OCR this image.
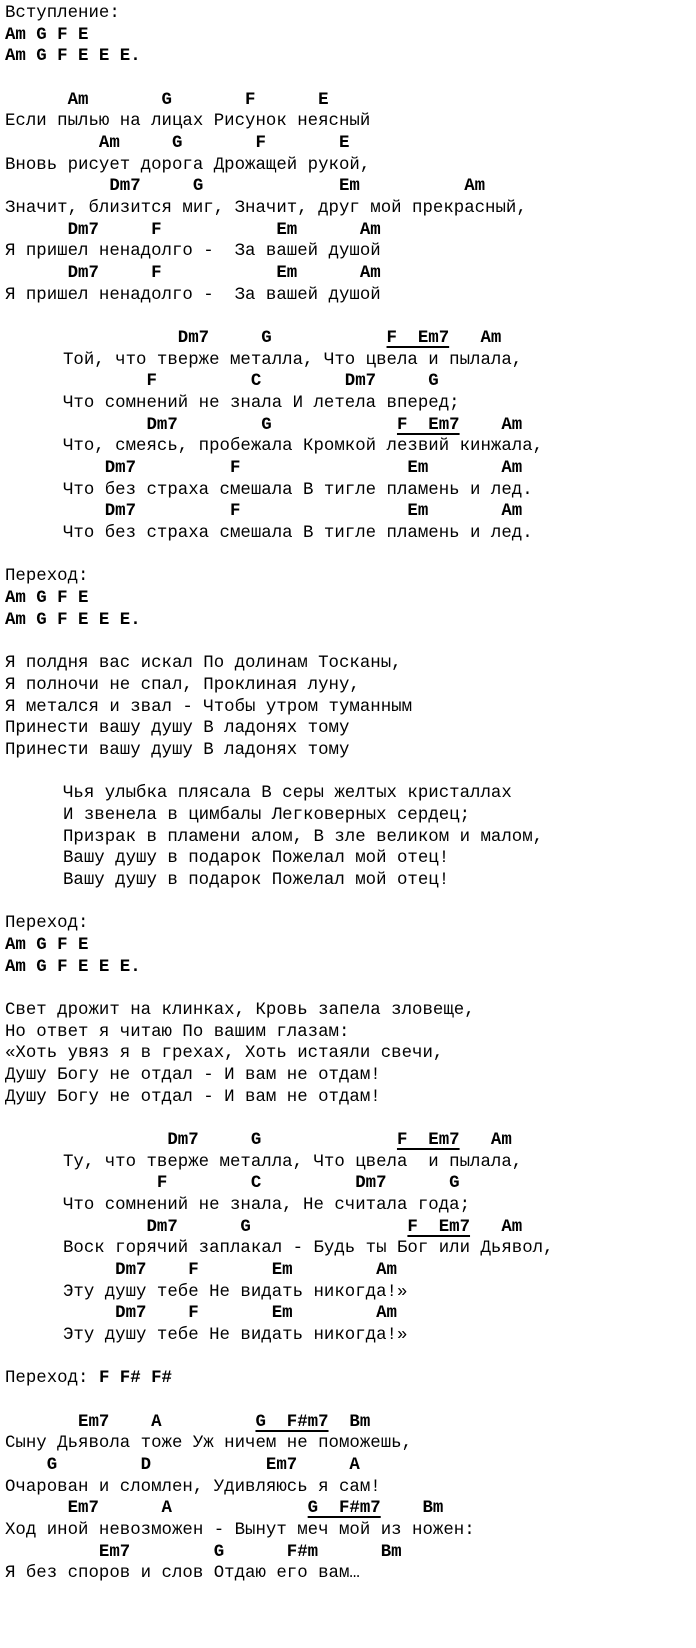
Вступление:
Am G F E
Am G F E E E.
Am       G       F      E
Если пылью на лицах Рисунок неясный
Am     G       F       E
Вновь рисует дорога Дрожащей рукой,
Dm7     G             Em          Am
Значит, близится миг, Значит, друг мой прекрасный,
Dm7     F           Em      Am
Я пришел ненадолго -  За вашей душой
Dm7     F           Em      Am
Я пришел ненадолго -  За вашей душой
Dm7     G           F  Em7   Am
Той, что тверже металла, Что цвела и пылала,
F         C        Dm7     G
Что сомнений не знала И летела вперед;
Dm7        G            F  Em7    Am
Что, смеясь, пробежала Кромкой лезвий кинжала,
Dm7         F                Em       Am
Что без страха смешала В тигле пламень и лед.
Dm7         F                Em       Am
Что без страха смешала В тигле пламень и лед.
Переход:
Am G F E
Am G F E E E.
Я полдня вас искал По долинам Тосканы,
Я полночи не спал, Проклиная луну,
Я метался и звал - Чтобы утром туманным
Принести вашу душу В ладонях тому
Принести вашу душу В ладонях тому
Чья улыбка плясала В серы желтых кристаллах
И звенела в цимбалы Легковерных сердец;
Призрак в пламени алом, В зле великом и малом,
Вашу душу в подарок Пожелал мой отец!
Вашу душу в подарок Пожелал мой отец!
Переход:
Am G F E
Am G F E E E.
Свет дрожит на клинках, Кровь запела зловеще,
Но ответ я читаю По вашим глазам:
«Хоть увяз я в грехах, Хоть истаяли свечи,
Душу Богу не отдал - И вам не отдам!
Душу Богу не отдал - И вам не отдам!
Dm7     G             F  Em7   Am
Ту, что тверже металла, Что цвела  и пылала,
F        C         Dm7      G
Что сомнений не знала, Не считала года;
Dm7      G               F  Em7   Am
Воск горячий заплакал - Будь ты Бог или Дьявол,
Dm7    F       Em        Am
Эту душу тебе Не видать никогда!»
Dm7    F       Em        Am
Эту душу тебе Не видать никогда!»
Переход: F F# F#
Em7    A         G  F#m7  Bm
Сыну Дьявола тоже Уж ничем не поможешь,
G        D           Em7     A
Очарован и сломлен, Удивляюсь я сам!
Em7      A             G  F#m7    Bm
Ход иной невозможен - Вынут меч мой из ножен:
Em7        G      F#m      Bm
Я без споров и слов Отдаю его вам…
